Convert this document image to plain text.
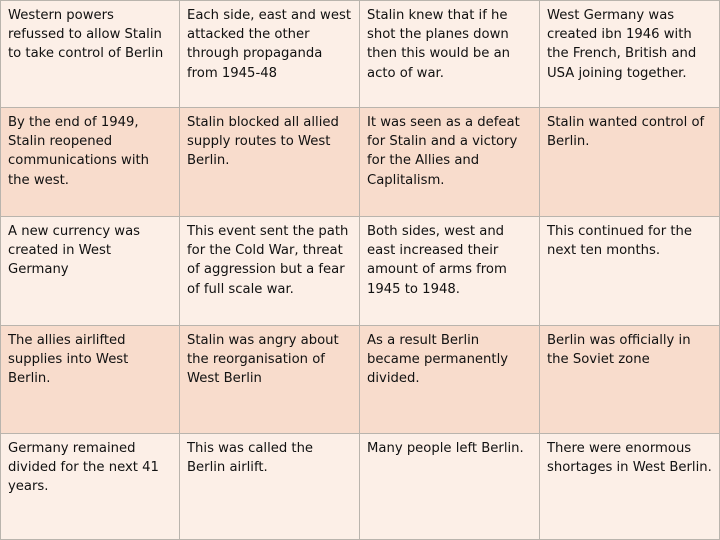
Western powers refussed to allow Stalin to take control of Berlin
Each side, east and west attacked the other through propaganda from 1945-48
Stalin knew that if he shot the planes down then this would be an acto of war.
West Germany was created ibn 1946 with the French, British and USA joining together.
By the end of 1949, Stalin reopened communications with the west.
Stalin blocked all allied supply routes to West Berlin.
It was seen as a defeat for Stalin and a victory for the Allies and Caplitalism.
Stalin wanted control of Berlin.
A new currency was created in West Germany
This event sent the path for the Cold War, threat of aggression but a fear of full scale war.
Both sides, west and east increased their amount of arms from 1945 to 1948.
This continued for the next ten months.
The allies airlifted supplies into West Berlin.
Stalin was angry about the reorganisation of West Berlin
As a result Berlin became permanently divided.
Berlin was officially in the Soviet zone
Germany remained divided for the next 41 years.
This was called the Berlin airlift.
Many people left Berlin.	There were enormous shortages in West Berlin.
